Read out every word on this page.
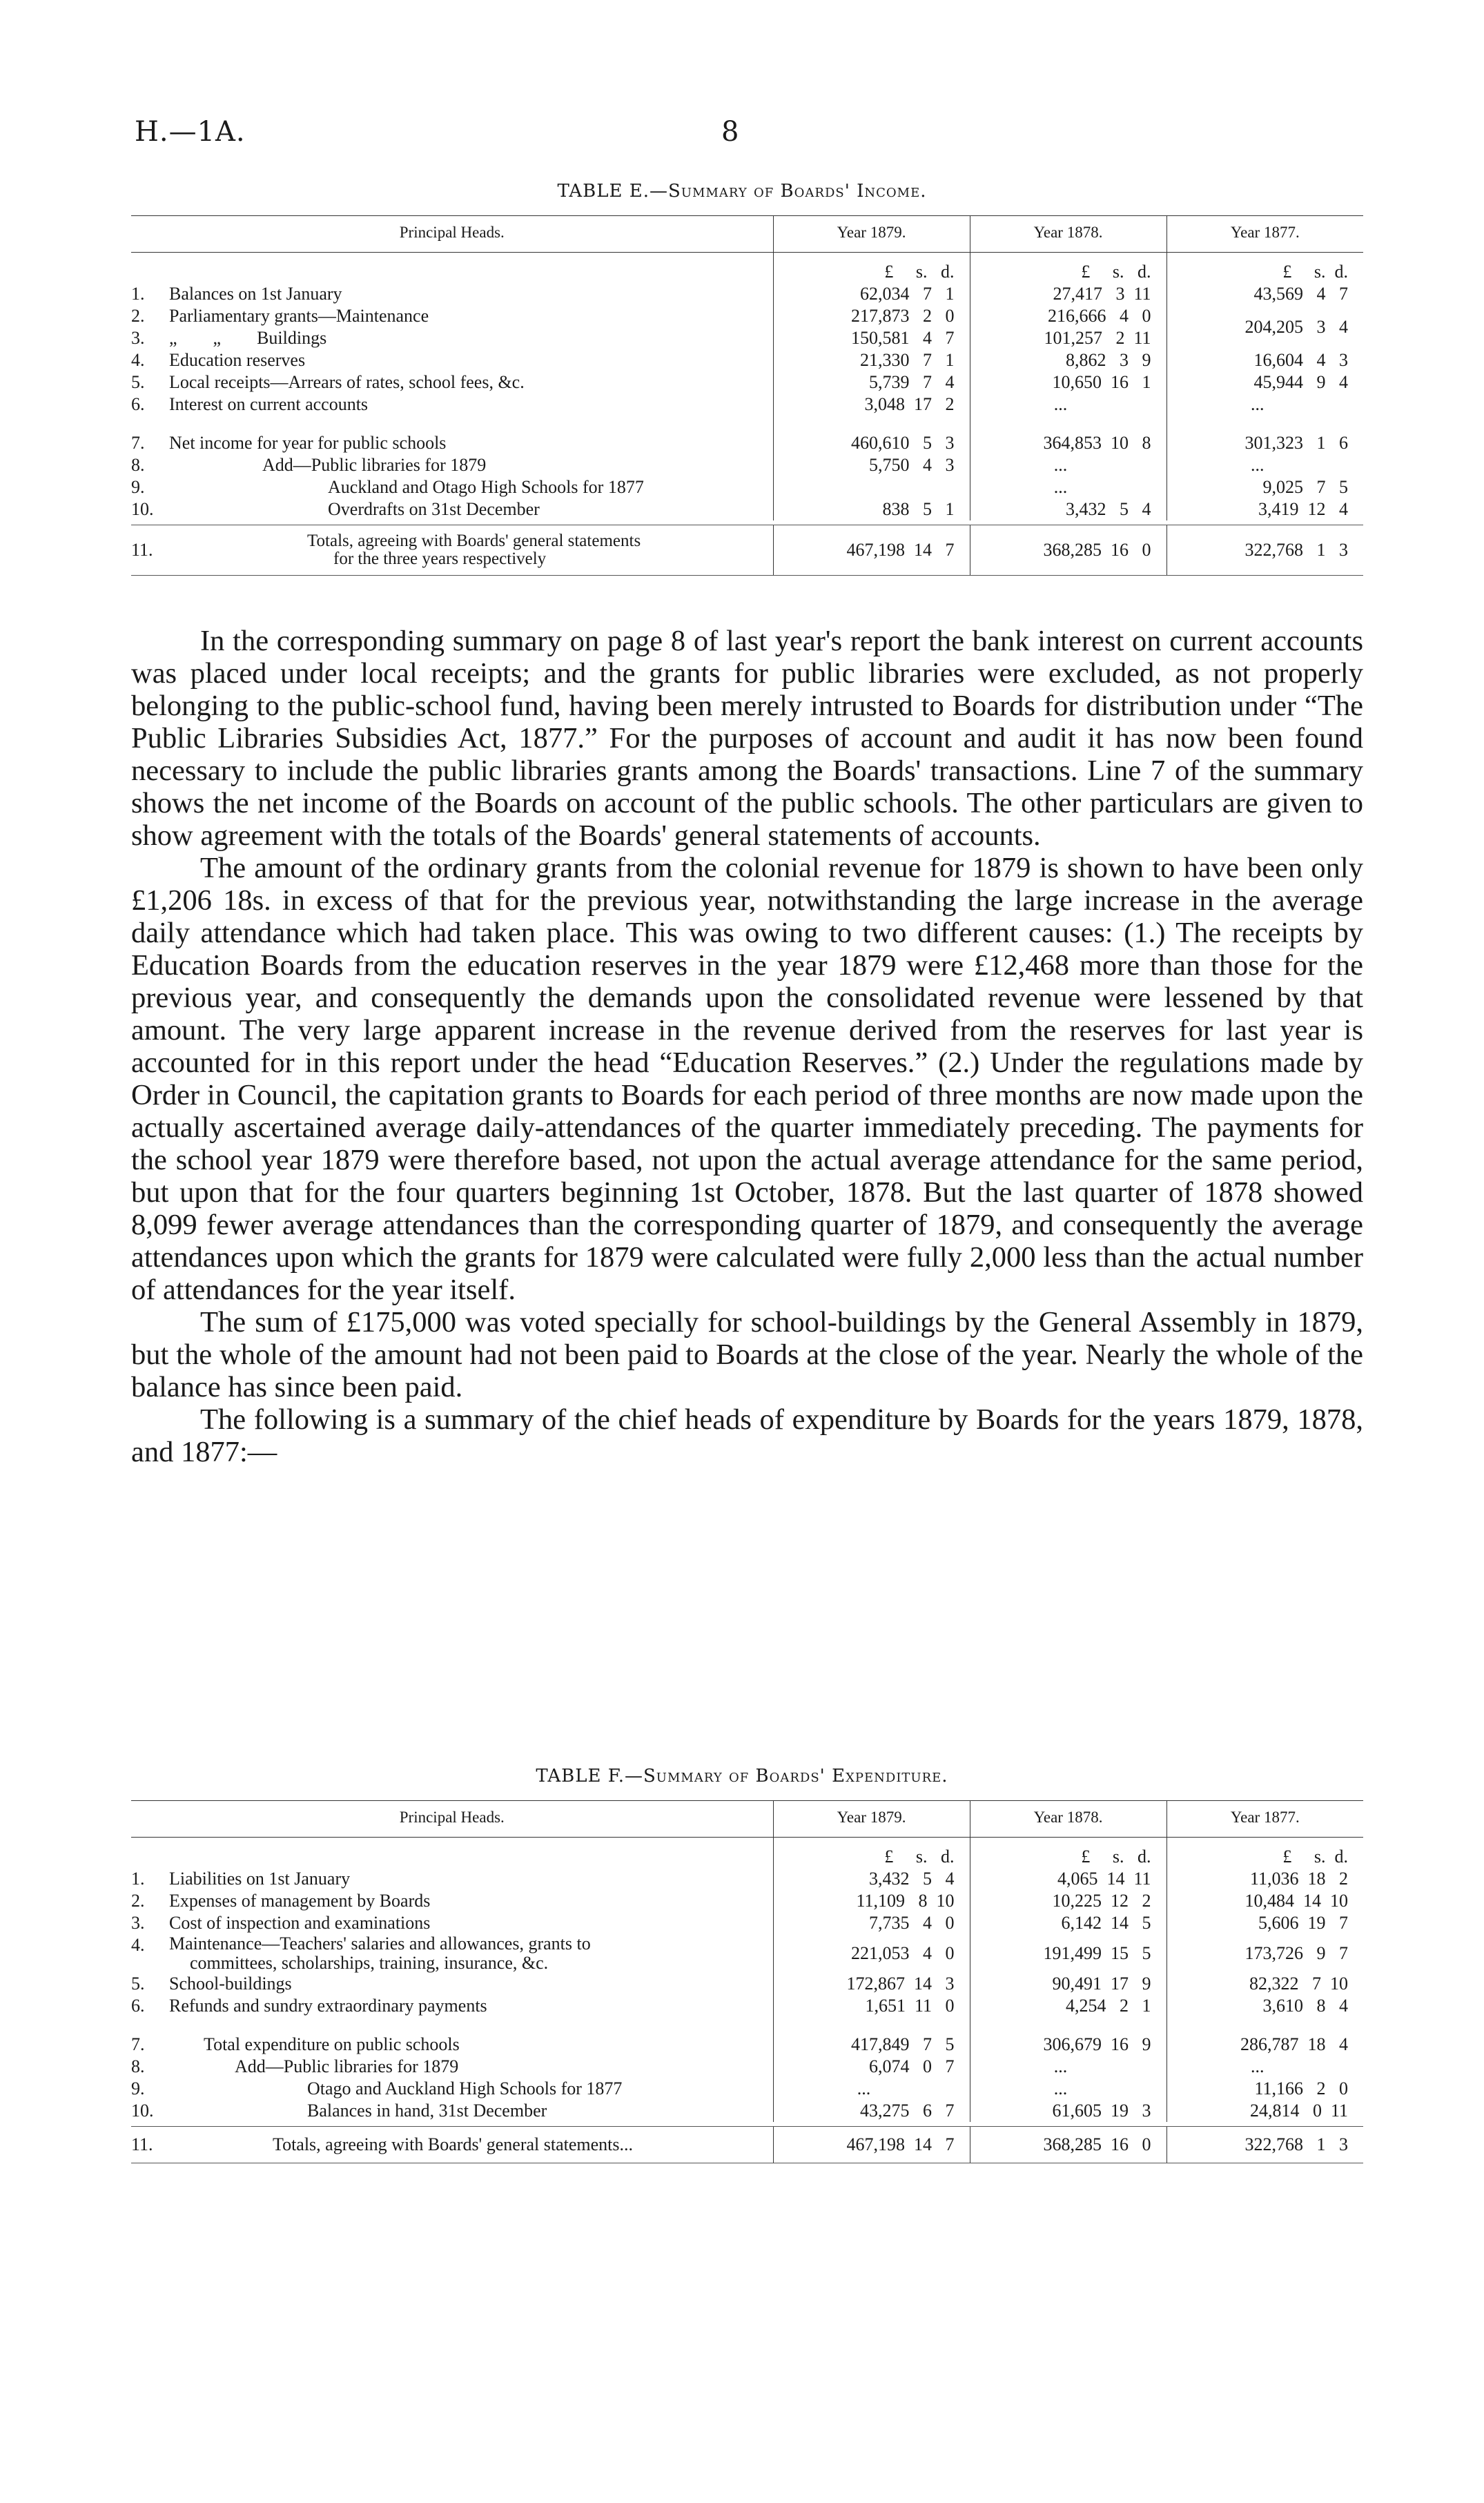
H.—1A.	8
TABLE E.—Summary of Boards' Income.
Principal Heads.		Year 1879.	Year 1878.	Year 1877.
		£     s.   d.	£     s.   d.	£     s.  d.
1.	Balances on 1st January	62,034   7   1	27,417   3  11	43,569   4   7
2.	Parliamentary grants—Maintenance	217,873   2   0	216,666   4   0	204,205   3   4
3.	„        „        Buildings	150,581   4   7	101,257   2  11	
4.	Education reserves	21,330   7   1	8,862   3   9	16,604   4   3
5.	Local receipts—Arrears of rates, school fees, &c.	5,739   7   4	10,650  16   1	45,944   9   4
6.	Interest on current accounts	3,048  17   2	...	...
7.	Net income for year for public schools	460,610   5   3	364,853  10   8	301,323   1   6
8.	Add—Public libraries for 1879	5,750   4   3	...	...
9.	Auckland and Otago High Schools for 1877		...	9,025   7   5
10.	Overdrafts on 31st December	838   5   1	3,432   5   4	3,419  12   4

11.	Totals, agreeing with Boards' general statements
for the three years respectively	467,198  14   7	368,285  16   0	322,768   1   3

In the corresponding summary on page 8 of last year's report the bank interest on current accounts was placed under local receipts; and the grants for public libraries were excluded, as not properly belonging to the public-school fund, having been merely intrusted to Boards for distribution under “The Public Libraries Subsidies Act, 1877.” For the purposes of account and audit it has now been found necessary to include the public libraries grants among the Boards' transactions. Line 7 of the summary shows the net income of the Boards on account of the public schools. The other particulars are given to show agreement with the totals of the Boards' general statements of accounts.

The amount of the ordinary grants from the colonial revenue for 1879 is shown to have been only £1,206 18s. in excess of that for the previous year, notwithstanding the large increase in the average daily attendance which had taken place. This was owing to two different causes: (1.) The receipts by Education Boards from the education reserves in the year 1879 were £12,468 more than those for the previous year, and consequently the demands upon the consolidated revenue were lessened by that amount. The very large apparent increase in the revenue derived from the reserves for last year is accounted for in this report under the head “Education Reserves.” (2.) Under the regulations made by Order in Council, the capitation grants to Boards for each period of three months are now made upon the actually ascertained average daily-attendances of the quarter immediately preceding. The payments for the school year 1879 were therefore based, not upon the actual average attendance for the same period, but upon that for the four quarters beginning 1st October, 1878. But the last quarter of 1878 showed 8,099 fewer average attendances than the corresponding quarter of 1879, and consequently the average attendances upon which the grants for 1879 were calculated were fully 2,000 less than the actual number of attendances for the year itself.

The sum of £175,000 was voted specially for school-buildings by the General Assembly in 1879, but the whole of the amount had not been paid to Boards at the close of the year. Nearly the whole of the balance has since been paid.

The following is a summary of the chief heads of expenditure by Boards for the years 1879, 1878, and 1877:—

TABLE F.—Summary of Boards' Expenditure.
Principal Heads.		Year 1879.	Year 1878.	Year 1877.
		£     s.   d.	£     s.   d.	£     s.  d.
1.	Liabilities on 1st January	3,432   5   4	4,065  14  11	11,036  18   2
2.	Expenses of management by Boards	11,109   8  10	10,225  12   2	10,484  14  10
3.	Cost of inspection and examinations	7,735   4   0	6,142  14   5	5,606  19   7
4.	Maintenance—Teachers' salaries and allowances, grants to
committees, scholarships, training, insurance, &c.	221,053   4   0	191,499  15   5	173,726   9   7
5.	School-buildings	172,867  14   3	90,491  17   9	82,322   7  10
6.	Refunds and sundry extraordinary payments	1,651  11   0	4,254   2   1	3,610   8   4
7.	Total expenditure on public schools	417,849   7   5	306,679  16   9	286,787  18   4
8.	Add—Public libraries for 1879	6,074   0   7	...	...
9.	Otago and Auckland High Schools for 1877	...	...	11,166   2   0
10.	Balances in hand, 31st December	43,275   6   7	61,605  19   3	24,814   0  11

11.	Totals, agreeing with Boards' general statements...	467,198  14   7	368,285  16   0	322,768   1   3
